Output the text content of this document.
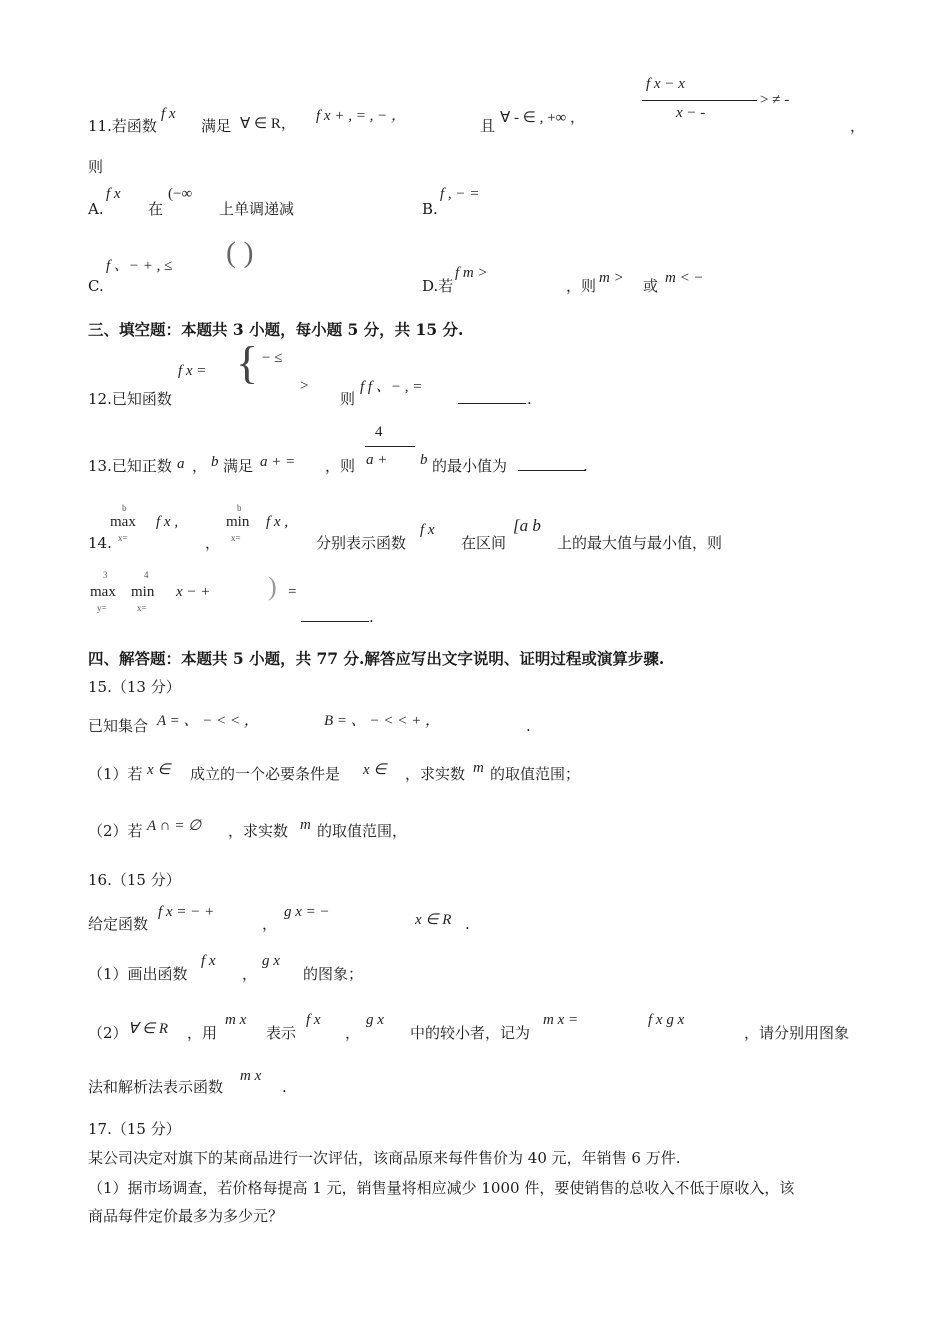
11.若函数
f x
满足 ∀ ∈ R， f x + , = , − ，
且 ∀ - ∈ , +∞ ，
f x − x
x − -
> ≠ -
，
则
A.
f x
在
(−∞
上单调递减	B.
f , − =
f 、− + , ≤ ( )
C.	D.若
f m >
，则 m > 或 m < −
三、填空题：本题共 3 小题，每小题 5 分，共 15 分.
12.已知函数
f x = { − ≤
>
则
f f 、− , =
.
13.已知正数 a ， b 满足 a + = ，则
4
a + b 的最小值为	.
14.
b
max
x=
f x ,
，
b
min
x=
f x ,
分别表示函数
f x
在区间
[a b
上的最大值与最小值，则
3
max
y=
4
min
x=
x − + ) =
.
四、解答题：本题共 5 小题，共 77 分.解答应写出文字说明、证明过程或演算步骤.
15.（13 分）
已知集合 A = 、 − < < ，	B = 、 − < < + ，	.
（1）若 x ∈ 成立的一个必要条件是 x ∈ ，求实数 m 的取值范围；
（2）若 A ∩ = ∅ ，求实数 m 的取值范围，
16.（15 分）
给定函数
f x = − +
，
g x = −	x ∈ R .
（1）画出函数
f x
，
g x
的图象；
（2） ∀ ∈ R ，用
m x
表示
f x
，
g x
中的较小者，记为
m x =	f x g x
，请分别用图象
法和解析法表示函数
m x
.
17.（15 分）
某公司决定对旗下的某商品进行一次评估，该商品原来每件售价为 40 元，年销售 6 万件.
（1）据市场调查，若价格每提高 1 元，销售量将相应减少 1000 件，要使销售的总收入不低于原收入，该
商品每件定价最多为多少元？
